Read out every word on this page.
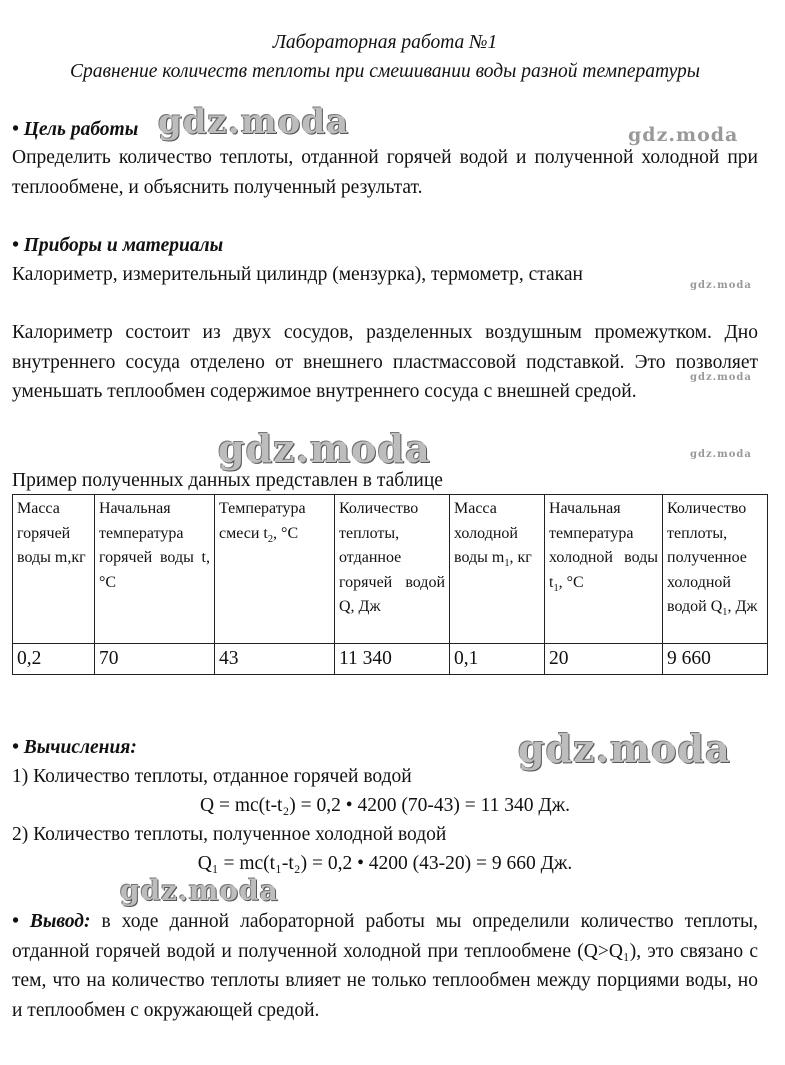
Лабораторная работа №1
Сравнение количеств теплоты при смешивании воды разной температуры
• Цель работы

Определить количество теплоты, отданной горячей водой и полученной холодной при теплообмене, и объяснить полученный результат.

• Приборы и материалы
Калориметр, измерительный цилиндр (мензурка), термометр, стакан

Калориметр состоит из двух сосудов, разделенных воздушным промежутком. Дно внутреннего сосуда отделено от внешнего пластмассовой подставкой. Это позволяет уменьшать теплообмен содержимое внутреннего сосуда с внешней средой.

Пример полученных данных представлен в таблице
Масса горячей воды m,кг	Начальная температура горячей воды t, °C	Температура смеси $t_2$, °C	Количество теплоты, отданное горячей водой Q, Дж	Масса холодной воды $m_1$, кг	Начальная температура холодной воды $t_1$, °C	Количество теплоты, полученное холодной водой $Q_1$, Дж
0,2	70	43	11 340	0,1	20	9 660
• Вычисления:
1) Количество теплоты, отданное горячей водой
Q = mc(t-t₂) = 0,2 • 4200 (70-43) = 11 340 Дж.
2) Количество теплоты, полученное холодной водой
Q₁ = mc(t₁-t₂) = 0,2 • 4200 (43-20) = 9 660 Дж.

• Вывод: в ходе данной лабораторной работы мы определили количество теплоты, отданной горячей водой и полученной холодной при теплообмене (Q>Q₁), это связано с тем, что на количество теплоты влияет не только теплообмен между порциями воды, но и теплообмен с окружающей средой.

gdz.moda	gdz.moda
gdz.moda
gdz.moda
gdz.moda	gdz.moda
gdz.moda
gdz.moda
